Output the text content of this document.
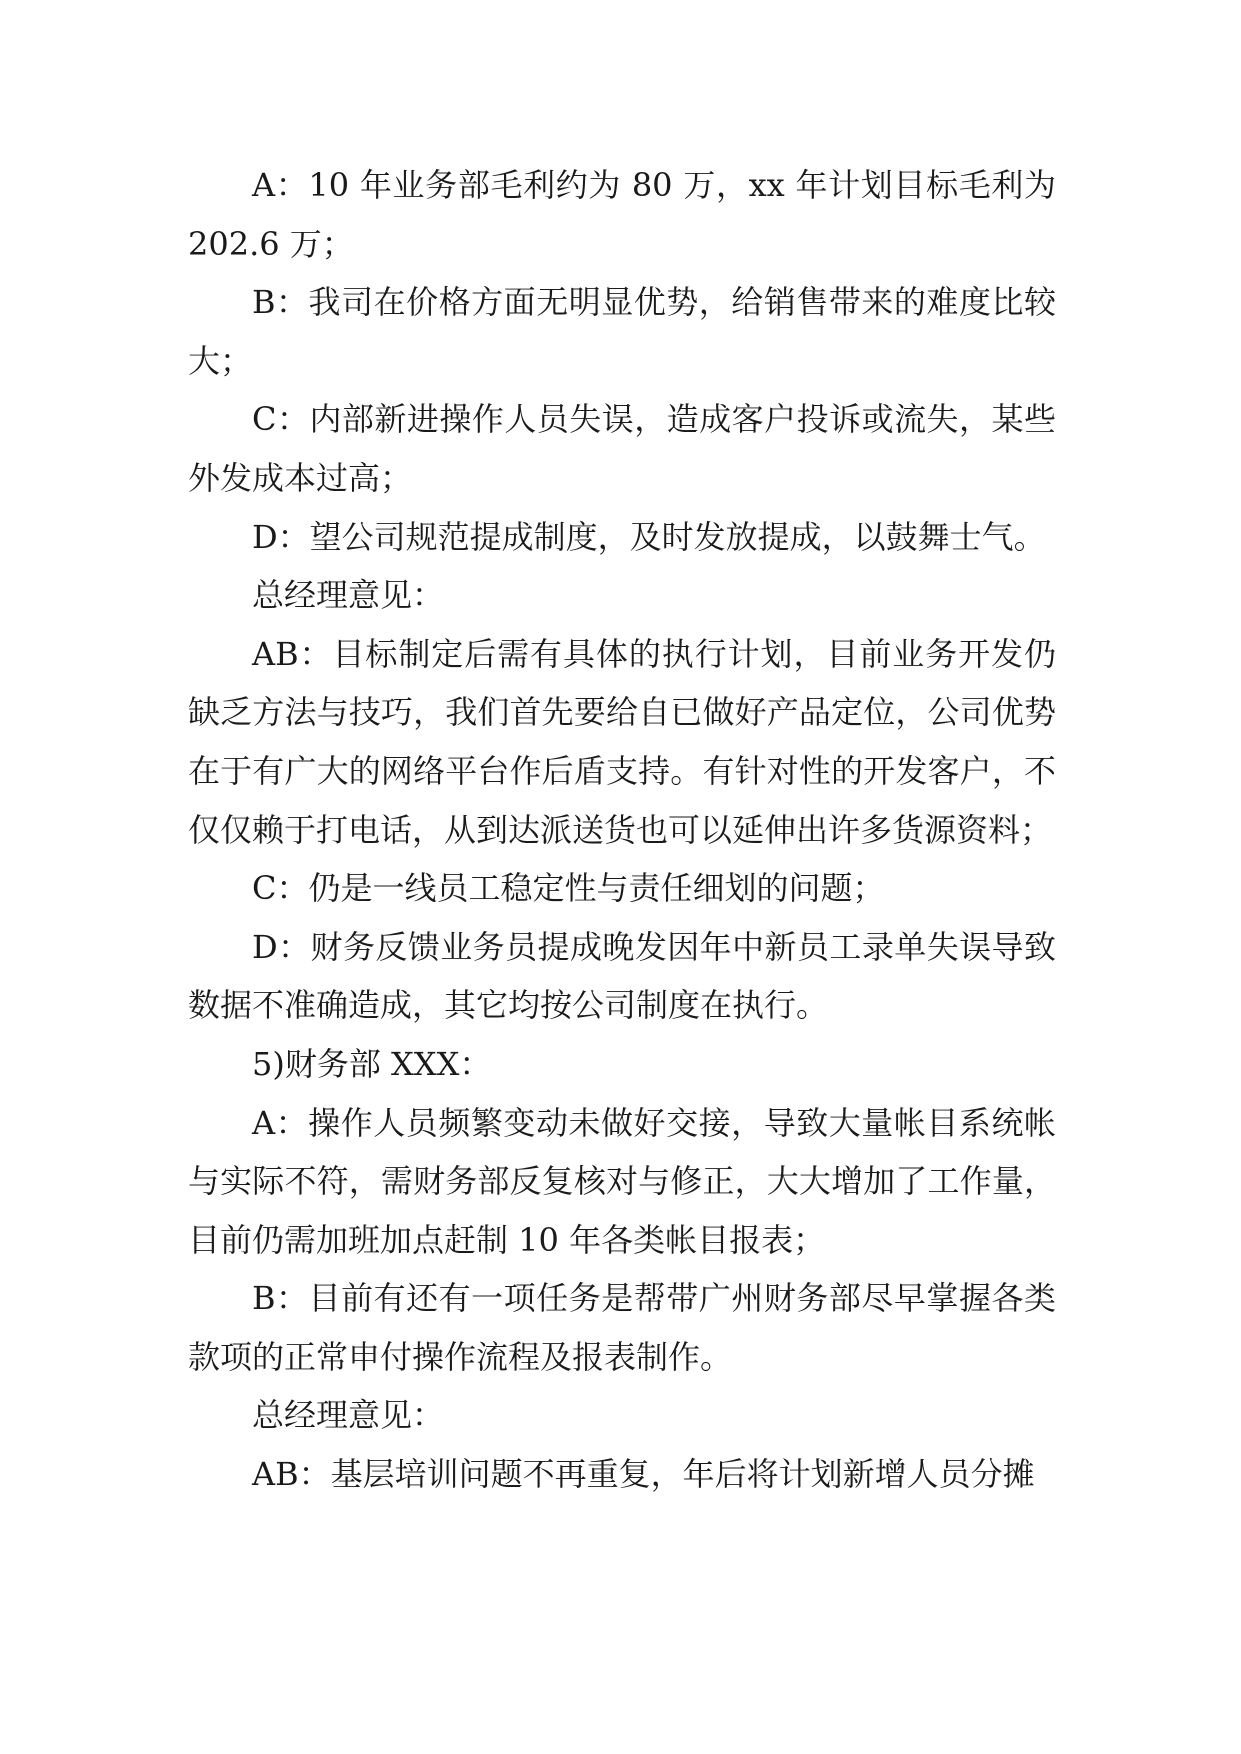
A：10 年业务部毛利约为 80 万，xx 年计划目标毛利为 202.6 万；

B：我司在价格方面无明显优势，给销售带来的难度比较大；

C：内部新进操作人员失误，造成客户投诉或流失，某些外发成本过高；

D：望公司规范提成制度，及时发放提成，以鼓舞士气。

总经理意见：

AB：目标制定后需有具体的执行计划，目前业务开发仍缺乏方法与技巧，我们首先要给自已做好产品定位，公司优势在于有广大的网络平台作后盾支持。有针对性的开发客户，不仅仅赖于打电话，从到达派送货也可以延伸出许多货源资料；

C：仍是一线员工稳定性与责任细划的问题；

D：财务反馈业务员提成晚发因年中新员工录单失误导致数据不准确造成，其它均按公司制度在执行。

5)财务部 XXX：

A：操作人员频繁变动未做好交接，导致大量帐目系统帐与实际不符，需财务部反复核对与修正，大大增加了工作量，目前仍需加班加点赶制 10 年各类帐目报表；

B：目前有还有一项任务是帮带广州财务部尽早掌握各类款项的正常申付操作流程及报表制作。

总经理意见：

AB：基层培训问题不再重复，年后将计划新增人员分摊
